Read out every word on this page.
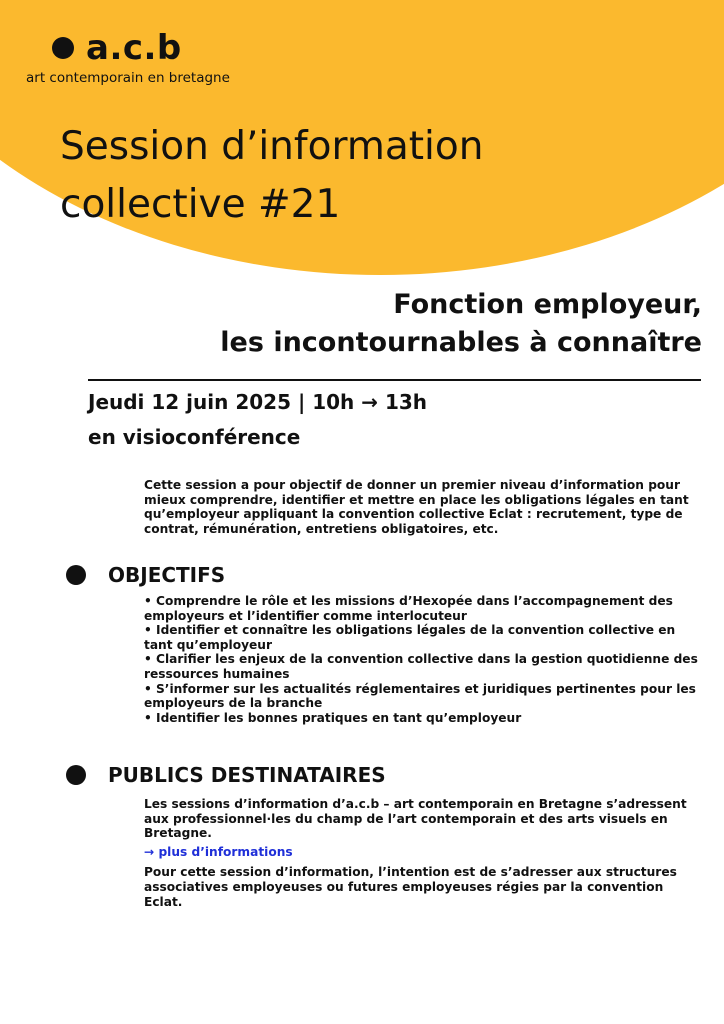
a.c.b
art contemporain en bretagne
Session d’information
collective #21
Fonction employeur,
les incontournables à connaître
Jeudi 12 juin 2025 | 10h → 13h
en visioconférence

Cette session a pour objectif de donner un premier niveau d’information pour mieux comprendre, identifier et mettre en place les obligations légales en tant qu’employeur appliquant la convention collective Eclat : recrutement, type de contrat, rémunération, entretiens obligatoires, etc.

OBJECTIFS
• Comprendre le rôle et les missions d’Hexopée dans l’accompagnement des employeurs et l’identifier comme interlocuteur
• Identifier et connaître les obligations légales de la convention collective en tant qu’employeur
• Clarifier les enjeux de la convention collective dans la gestion quotidienne des ressources humaines
• S’informer sur les actualités réglementaires et juridiques pertinentes pour les employeurs de la branche
• Identifier les bonnes pratiques en tant qu’employeur
PUBLICS DESTINATAIRES

Les sessions d’information d’a.c.b – art contemporain en Bretagne s’adressent aux professionnel·les du champ de l’art contemporain et des arts visuels en Bretagne.

→ plus d’informations

Pour cette session d’information, l’intention est de s’adresser aux structures associatives employeuses ou futures employeuses régies par la convention Eclat.
